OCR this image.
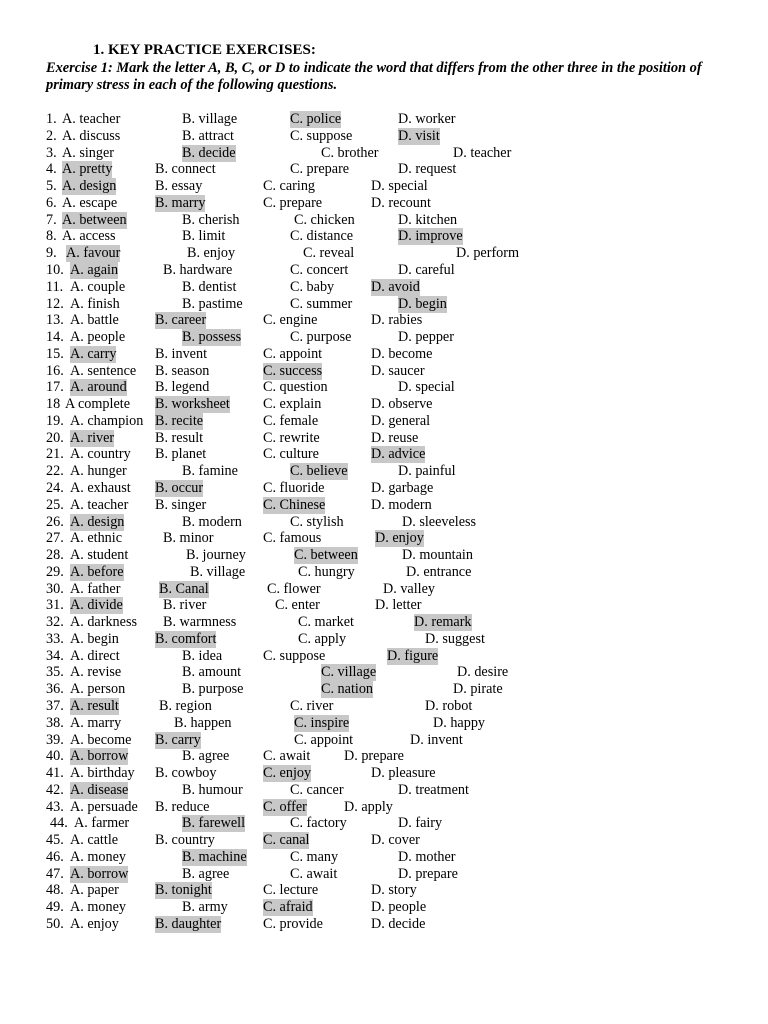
1. KEY PRACTICE EXERCISES:
Exercise 1: Mark the letter A, B, C, or D to indicate the word that differs from the other three in the position of primary stress in each of the following questions.
1. A. teacher	B. village	C. police	D. worker
2. A. discuss	B. attract	C. suppose	D. visit
3. A. singer	B. decide	C. brother	D. teacher
4. A. pretty	B. connect	C. prepare	D. request
5. A. design	B. essay	C. caring	D. special
6. A. escape	B. marry	C. prepare	D. recount
7. A. between	B. cherish	C. chicken	D. kitchen
8. A. access	B. limit	C. distance	D. improve
9. A. favour	B. enjoy	C. reveal	D. perform
10. A. again	B. hardware	C. concert	D. careful
11. A. couple	B. dentist	C. baby	D. avoid
12. A. finish	B. pastime	C. summer	D. begin
13. A. battle	B. career	C. engine	D. rabies
14. A. people	B. possess	C. purpose	D. pepper
15. A. carry	B. invent	C. appoint	D. become
16. A. sentence B. season	C. success	D. saucer
17. A. around B. legend	C. question	D. special
18 A complete B. worksheet C. explain	D. observe
19. A. champion B. recite	C. female	D. general
20. A. river	B. result	C. rewrite	D. reuse
21. A. country B. planet	C. culture	D. advice
22. A. hunger	B. famine	C. believe	D. painful
24. A. exhaust B. occur	C. fluoride	D. garbage
25. A. teacher B. singer	C. Chinese	D. modern
26. A. design	B. modern	C. stylish	D. sleeveless
27. A. ethnic	B. minor	C. famous	D. enjoy
28. A. student	B. journey	C. between	D. mountain
29. A. before	B. village	C. hungry	D. entrance
30. A. father	B. Canal	C. flower	D. valley
31. A. divide	B. river	C. enter	D. letter
32. A. darkness B. warmness	C. market	D. remark
33. A. begin	B. comfort	C. apply	D. suggest
34. A. direct	B. idea	C. suppose	D. figure
35. A. revise	B. amount	C. village	D. desire
36. A. person	B. purpose	C. nation	D. pirate
37. A. result	B. region	C. river	D. robot
38. A. marry	B. happen	C. inspire	D. happy
39. A. become B. carry	C. appoint	D. invent
40. A. borrow	B. agree C. await D. prepare
41. A. birthday B. cowboy	C. enjoy	D. pleasure
42. A. disease	B. humour	C. cancer	D. treatment
43. A. persuade B. reduce	C. offer	D. apply
44. A. farmer	B. farewell	C. factory	D. fairy
45. A. cattle	B. country	C. canal	D. cover
46. A. money	B. machine	C. many	D. mother
47. A. borrow	B. agree	C. await	D. prepare
48. A. paper	B. tonight	C. lecture	D. story
49. A. money	B. army C. afraid	D. people
50. A. enjoy	B. daughter	C. provide	D. decide
